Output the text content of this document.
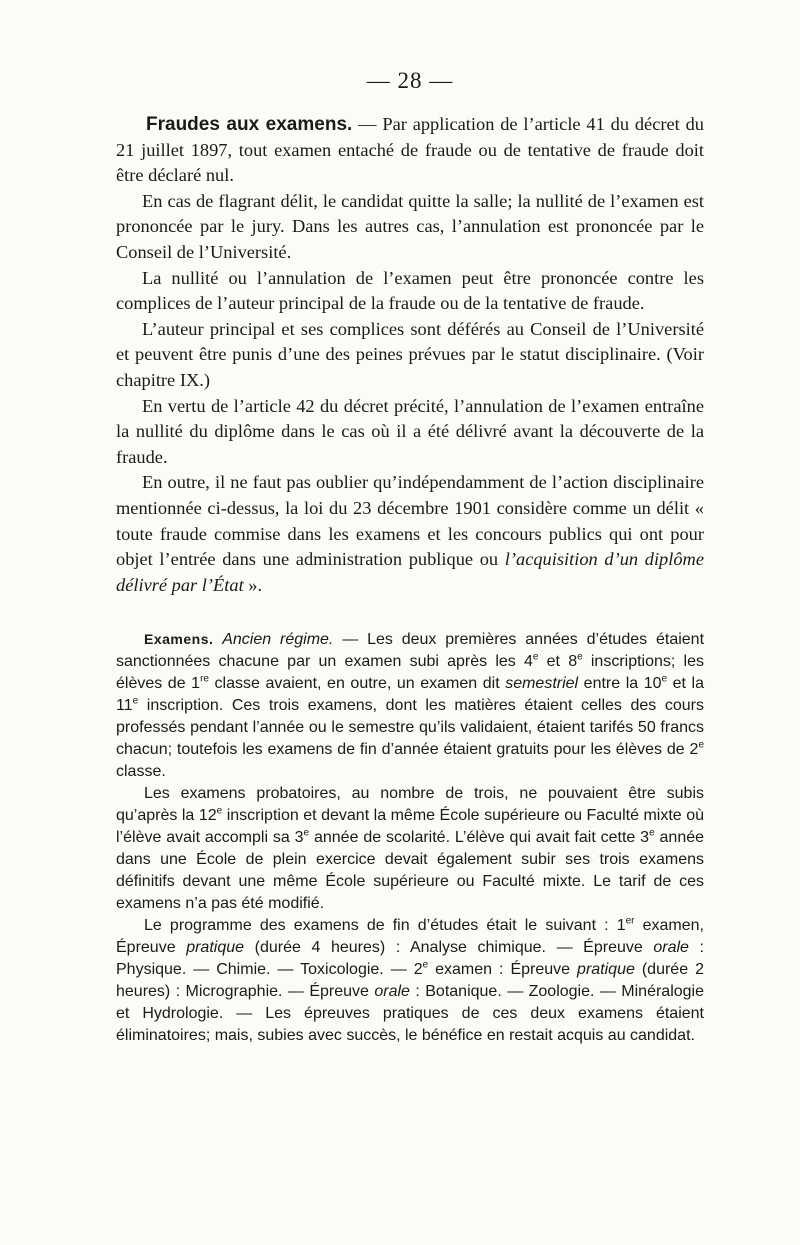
— 28 —

Fraudes aux examens. — Par application de l’article 41 du décret du 21 juillet 1897, tout examen entaché de fraude ou de tentative de fraude doit être déclaré nul.

En cas de flagrant délit, le candidat quitte la salle; la nullité de l’examen est prononcée par le jury. Dans les autres cas, l’annulation est prononcée par le Conseil de l’Université.

La nullité ou l’annulation de l’examen peut être prononcée contre les complices de l’auteur principal de la fraude ou de la tentative de fraude.

L’auteur principal et ses complices sont déférés au Conseil de l’Université et peuvent être punis d’une des peines prévues par le statut disciplinaire. (Voir chapitre IX.)

En vertu de l’article 42 du décret précité, l’annulation de l’examen entraîne la nullité du diplôme dans le cas où il a été délivré avant la découverte de la fraude.

En outre, il ne faut pas oublier qu’indépendamment de l’action disciplinaire mentionnée ci-dessus, la loi du 23 décembre 1901 considère comme un délit « toute fraude commise dans les examens et les concours publics qui ont pour objet l’entrée dans une administration publique ou l’acquisition d’un diplôme délivré par l’État ».

Examens. Ancien régime. — Les deux premières années d’études étaient sanctionnées chacune par un examen subi après les 4e et 8e inscriptions; les élèves de 1re classe avaient, en outre, un examen dit semestriel entre la 10e et la 11e inscription. Ces trois examens, dont les matières étaient celles des cours professés pendant l’année ou le semestre qu’ils validaient, étaient tarifés 50 francs chacun; toutefois les examens de fin d’année étaient gratuits pour les élèves de 2e classe.

Les examens probatoires, au nombre de trois, ne pouvaient être subis qu’après la 12e inscription et devant la même École supérieure ou Faculté mixte où l’élève avait accompli sa 3e année de scolarité. L’élève qui avait fait cette 3e année dans une École de plein exercice devait également subir ses trois examens définitifs devant une même École supérieure ou Faculté mixte. Le tarif de ces examens n’a pas été modifié.

Le programme des examens de fin d’études était le suivant : 1er examen, Épreuve pratique (durée 4 heures) : Analyse chimique. — Épreuve orale : Physique. — Chimie. — Toxicologie. — 2e examen : Épreuve pratique (durée 2 heures) : Micrographie. — Épreuve orale : Botanique. — Zoologie. — Minéralogie et Hydrologie. — Les épreuves pratiques de ces deux examens étaient éliminatoires; mais, subies avec succès, le bénéfice en restait acquis au candidat.
